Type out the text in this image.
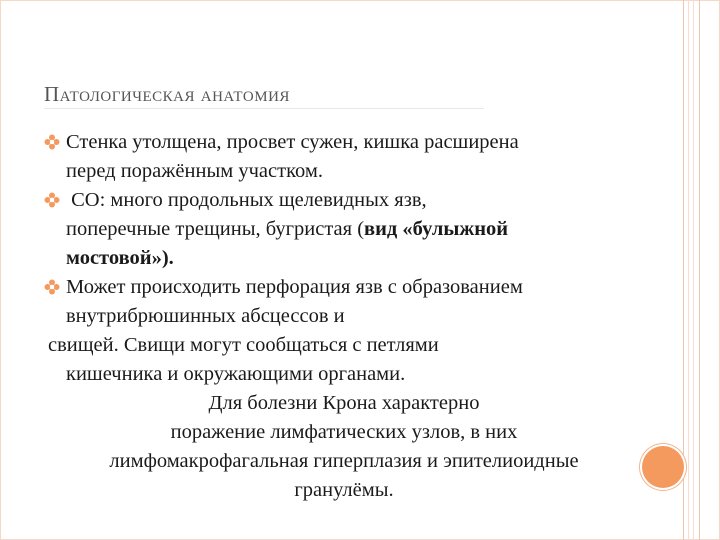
Патологическая анатомия
Стенка утолщена, просвет сужен, кишка расширена
перед поражённым участком.
CO: много продольных щелевидных язв,
поперечные трещины, бугристая (вид «булыжной
мостовой»).
Может происходить перфорация язв с образованием
внутрибрюшинных абсцессов и
свищей. Свищи могут сообщаться с петлями
кишечника и окружающими органами.
Для болезни Крона характерно
поражение лимфатических узлов, в них
лимфомакрофагальная гиперплазия и эпителиоидные
гранулёмы.
